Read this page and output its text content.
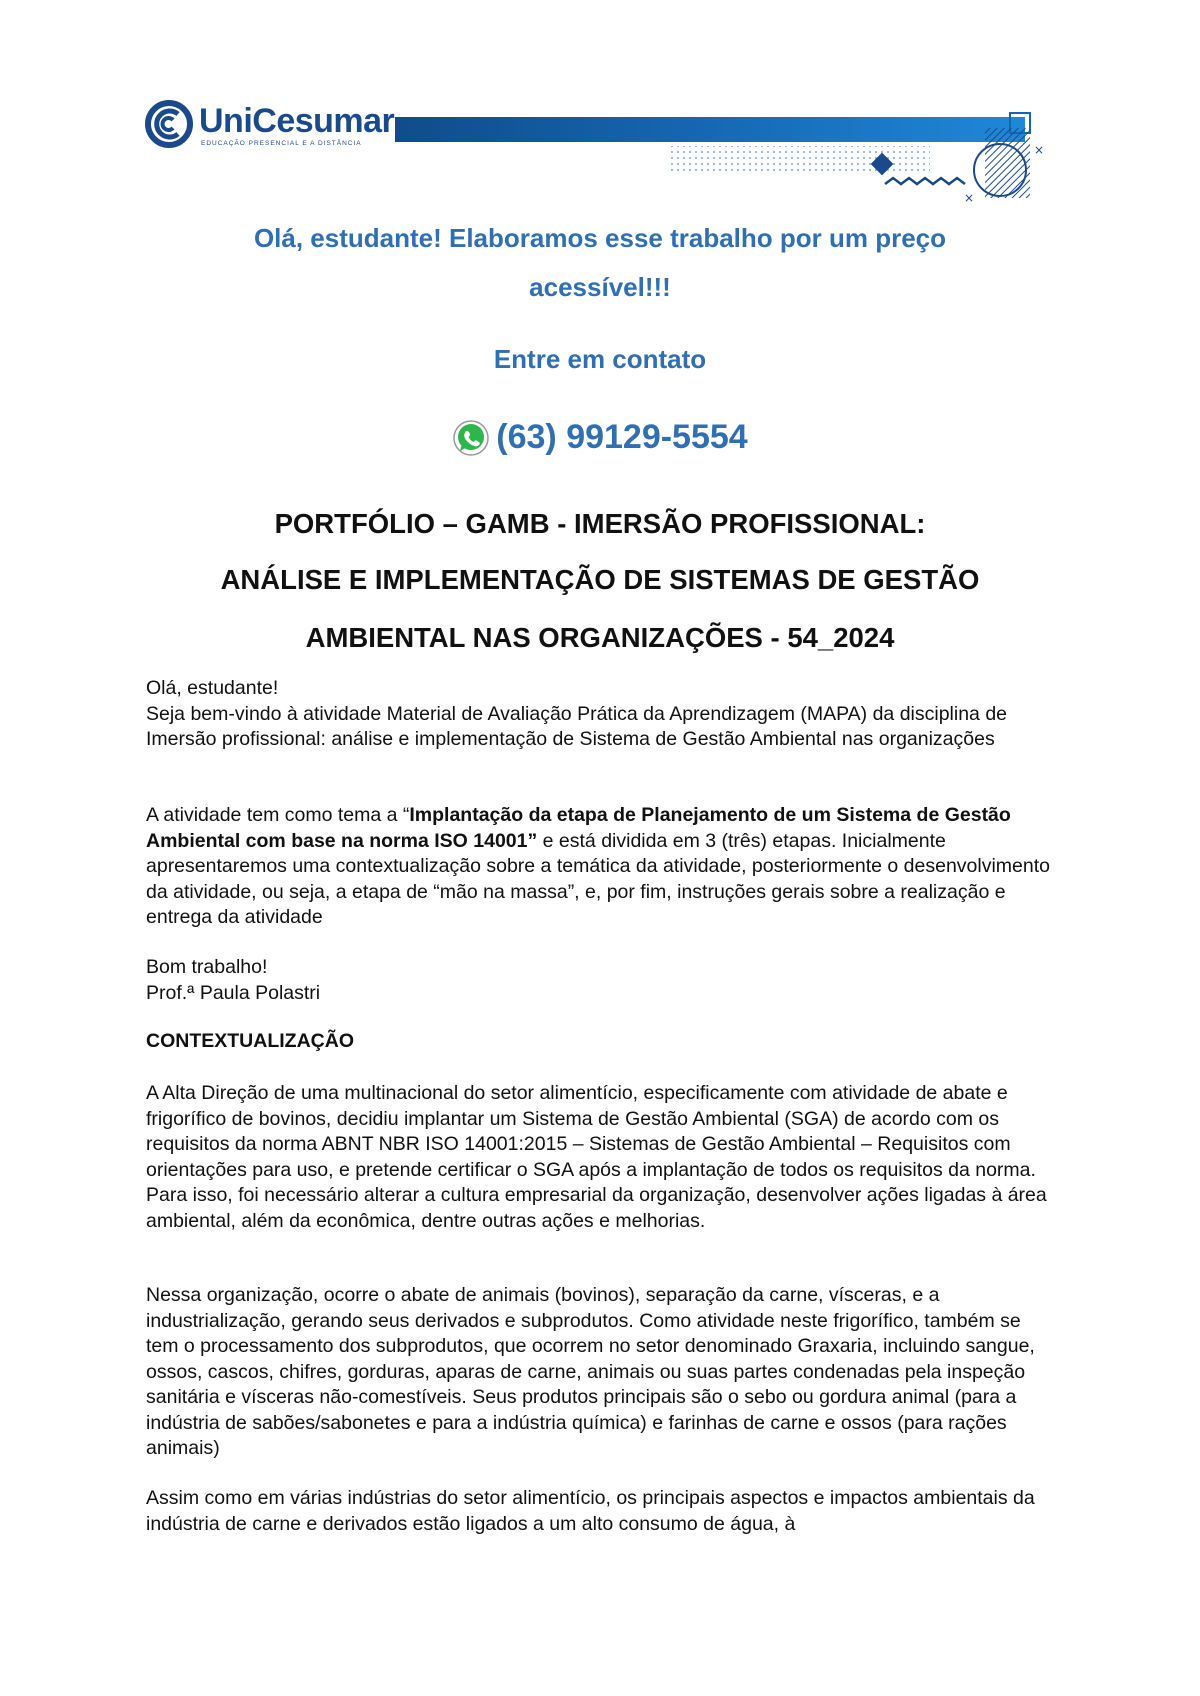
UniCesumar
EDUCAÇÃO PRESENCIAL E A DISTÂNCIA	×
×
Olá, estudante! Elaboramos esse trabalho por um preço
acessível!!!
Entre em contato
(63) 99129-5554
PORTFÓLIO – GAMB - IMERSÃO PROFISSIONAL:
ANÁLISE E IMPLEMENTAÇÃO DE SISTEMAS DE GESTÃO
AMBIENTAL NAS ORGANIZAÇÕES - 54_2024

Olá, estudante!

Seja bem-vindo à atividade Material de Avaliação Prática da Aprendizagem (MAPA) da disciplina de Imersão profissional: análise e implementação de Sistema de Gestão Ambiental nas organizações

A atividade tem como tema a “Implantação da etapa de Planejamento de um Sistema de Gestão Ambiental com base na norma ISO 14001” e está dividida em 3 (três) etapas. Inicialmente apresentaremos uma contextualização sobre a temática da atividade, posteriormente o desenvolvimento da atividade, ou seja, a etapa de “mão na massa”, e, por fim, instruções gerais sobre a realização e entrega da atividade

Bom trabalho!

Prof.ª Paula Polastri

CONTEXTUALIZAÇÃO

A Alta Direção de uma multinacional do setor alimentício, especificamente com atividade de abate e frigorífico de bovinos, decidiu implantar um Sistema de Gestão Ambiental (SGA) de acordo com os requisitos da norma ABNT NBR ISO 14001:2015 – Sistemas de Gestão Ambiental – Requisitos com orientações para uso, e pretende certificar o SGA após a implantação de todos os requisitos da norma. Para isso, foi necessário alterar a cultura empresarial da organização, desenvolver ações ligadas à área ambiental, além da econômica, dentre outras ações e melhorias.

Nessa organização, ocorre o abate de animais (bovinos), separação da carne, vísceras, e a industrialização, gerando seus derivados e subprodutos. Como atividade neste frigorífico, também se tem o processamento dos subprodutos, que ocorrem no setor denominado Graxaria, incluindo sangue, ossos, cascos, chifres, gorduras, aparas de carne, animais ou suas partes condenadas pela inspeção sanitária e vísceras não-comestíveis. Seus produtos principais são o sebo ou gordura animal (para a indústria de sabões/sabonetes e para a indústria química) e farinhas de carne e ossos (para rações animais)

Assim como em várias indústrias do setor alimentício, os principais aspectos e impactos ambientais da indústria de carne e derivados estão ligados a um alto consumo de água, à
